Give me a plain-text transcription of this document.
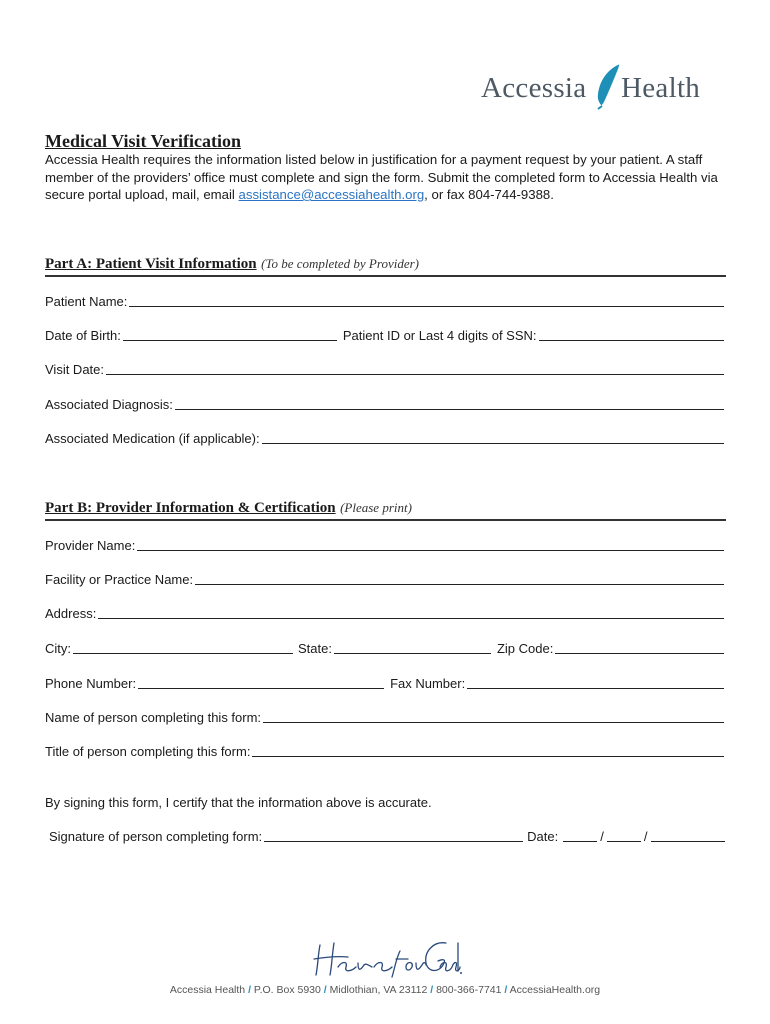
Accessia Health
Medical Visit Verification
Accessia Health requires the information listed below in justification for a payment request by your patient. A staff member of the providers’ office must complete and sign the form. Submit the completed form to Accessia Health via secure portal upload, mail, email assistance@accessiahealth.org, or fax 804-744-9388.
Part A: Patient Visit Information (To be completed by Provider)
Patient Name:
Date of Birth:	Patient ID or Last 4 digits of SSN:
Visit Date:
Associated Diagnosis:
Associated Medication (if applicable):
Part B: Provider Information & Certification (Please print)
Provider Name:
Facility or Practice Name:
Address:
City:	State:	Zip Code:
Phone Number:	Fax Number:
Name of person completing this form:
Title of person completing this form:
By signing this form, I certify that the information above is accurate.
Signature of person completing form:	Date:	/	/
Accessia Health / P.O. Box 5930 / Midlothian, VA 23112 / 800-366-7741 / AccessiaHealth.org
